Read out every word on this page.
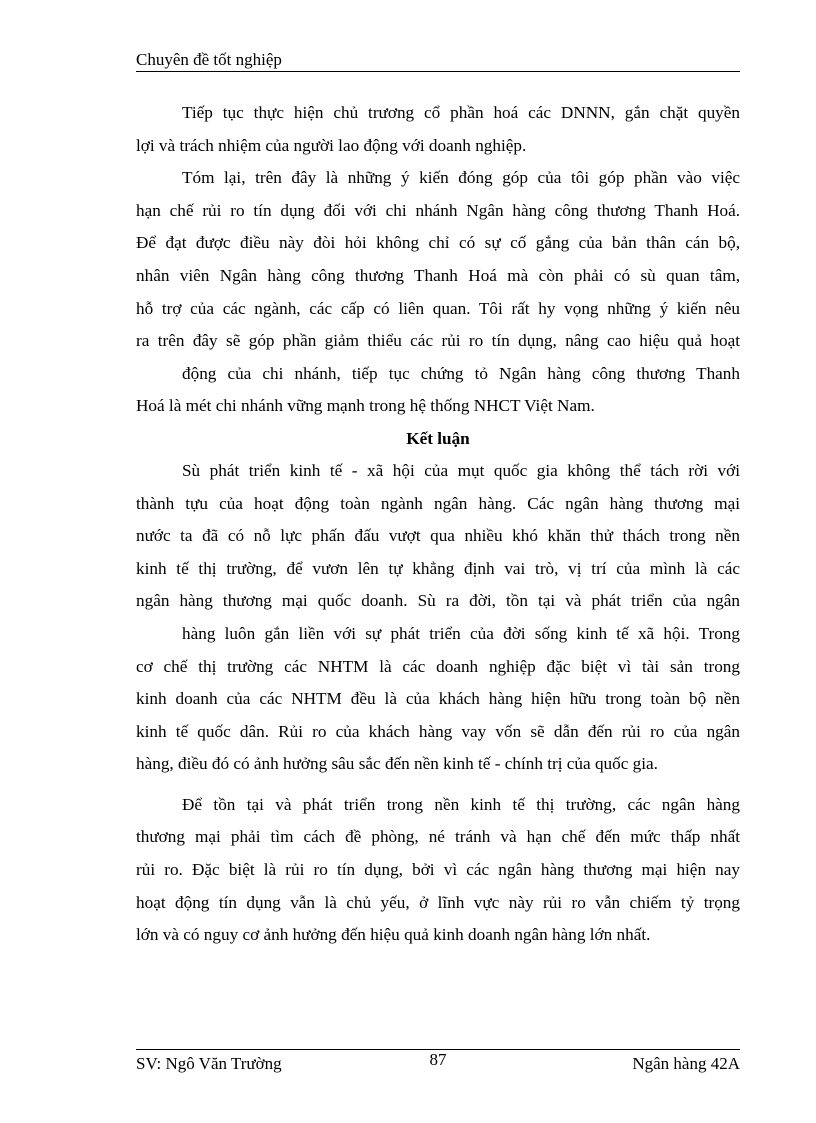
Chuyên đề tốt nghiệp
Tiếp tục thực hiện chủ trương cổ phần hoá các DNNN, gắn chặt quyền
lợi và trách nhiệm của người lao động với doanh nghiệp.
Tóm lại, trên đây là những ý kiến đóng góp của tôi góp phần vào việc
hạn chế rủi ro tín dụng đối với chi nhánh Ngân hàng công thương Thanh Hoá.
Để đạt được điều này đòi hỏi không chỉ có sự cố gắng của bản thân cán bộ,
nhân viên Ngân hàng công thương Thanh Hoá mà còn phải có sù quan tâm,
hỗ trợ của các ngành, các cấp có liên quan. Tôi rất hy vọng những ý kiến nêu
ra trên đây sẽ góp phần giảm thiểu các rủi ro tín dụng, nâng cao hiệu quả hoạt
động của chi nhánh, tiếp tục chứng tỏ Ngân hàng công thương Thanh
Hoá là mét chi nhánh vững mạnh trong hệ thống NHCT Việt Nam.
Kết luận
Sù phát triển kinh tế - xã hội của mụt quốc gia không thể tách rời với
thành tựu của hoạt động toàn ngành ngân hàng. Các ngân hàng thương mại
nước ta đã có nỗ lực phấn đấu vượt qua nhiều khó khăn thử thách trong nền
kinh tế thị trường, để vươn lên tự khẳng định vai trò, vị trí của mình là các
ngân hàng thương mại quốc doanh. Sù ra đời, tồn tại và phát triển của ngân
hàng luôn gắn liền với sự phát triển của đời sống kinh tế xã hội. Trong
cơ chế thị trường các NHTM là các doanh nghiệp đặc biệt vì tài sản trong
kinh doanh của các NHTM đều là của khách hàng hiện hữu trong toàn bộ nền
kinh tế quốc dân. Rủi ro của khách hàng vay vốn sẽ dẫn đến rủi ro của ngân
hàng, điều đó có ảnh hưởng sâu sắc đến nền kinh tế - chính trị của quốc gia.
Để tồn tại và phát triển trong nền kinh tế thị trường, các ngân hàng
thương mại phải tìm cách đề phòng, né tránh và hạn chế đến mức thấp nhất
rủi ro. Đặc biệt là rủi ro tín dụng, bởi vì các ngân hàng thương mại hiện nay
hoạt động tín dụng vẫn là chủ yếu, ở lĩnh vực này rủi ro vẫn chiếm tỷ trọng
lớn và có nguy cơ ảnh hưởng đến hiệu quả kinh doanh ngân hàng lớn nhất.
SV: Ngô Văn Trường	87	Ngân hàng 42A
